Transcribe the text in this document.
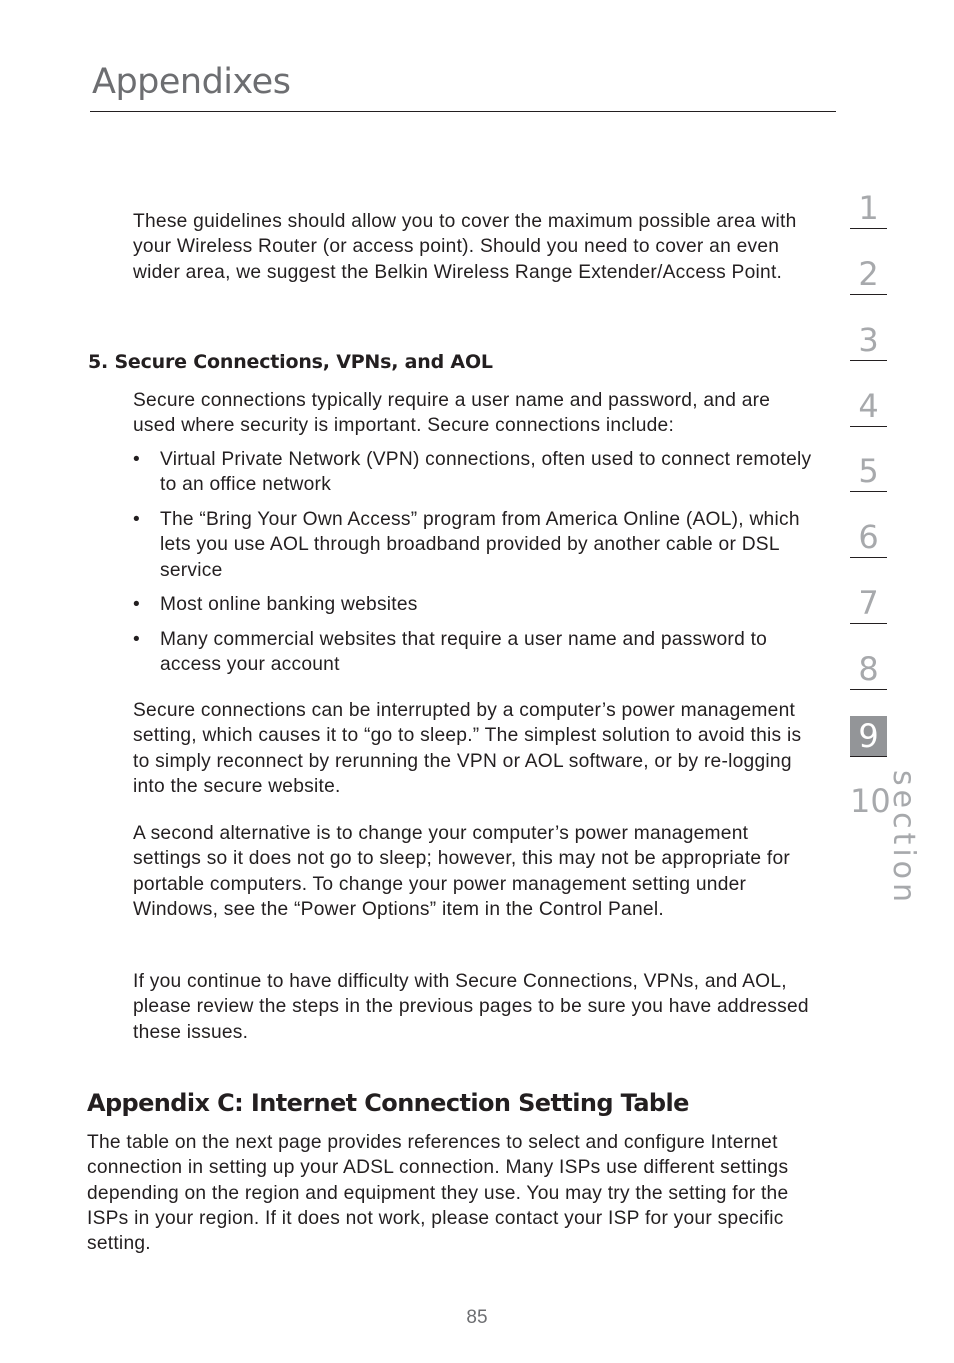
Appendixes

These guidelines should allow you to cover the maximum possible area with your Wireless Router (or access point). Should you need to cover an even wider area, we suggest the Belkin Wireless Range Extender/Access Point.

5. Secure Connections, VPNs, and AOL

Secure connections typically require a user name and password, and are used where security is important. Secure connections include:

• Virtual Private Network (VPN) connections, often used to connect remotely to an office network
• The “Bring Your Own Access” program from America Online (AOL), which lets you use AOL through broadband provided by another cable or DSL service
• Most online banking websites
• Many commercial websites that require a user name and password to access your account

Secure connections can be interrupted by a computer’s power management setting, which causes it to “go to sleep.” The simplest solution to avoid this is to simply reconnect by rerunning the VPN or AOL software, or by re-logging into the secure website.

A second alternative is to change your computer’s power management settings so it does not go to sleep; however, this may not be appropriate for portable computers. To change your power management setting under Windows, see the “Power Options” item in the Control Panel.

If you continue to have difficulty with Secure Connections, VPNs, and AOL, please review the steps in the previous pages to be sure you have addressed these issues.

Appendix C: Internet Connection Setting Table

The table on the next page provides references to select and configure Internet connection in setting up your ADSL connection. Many ISPs use different settings depending on the region and equipment they use. You may try the setting for the ISPs in your region. If it does not work, please contact your ISP for your specific setting.

1
2
3
4
5
6
7
8
9
10
section
85
